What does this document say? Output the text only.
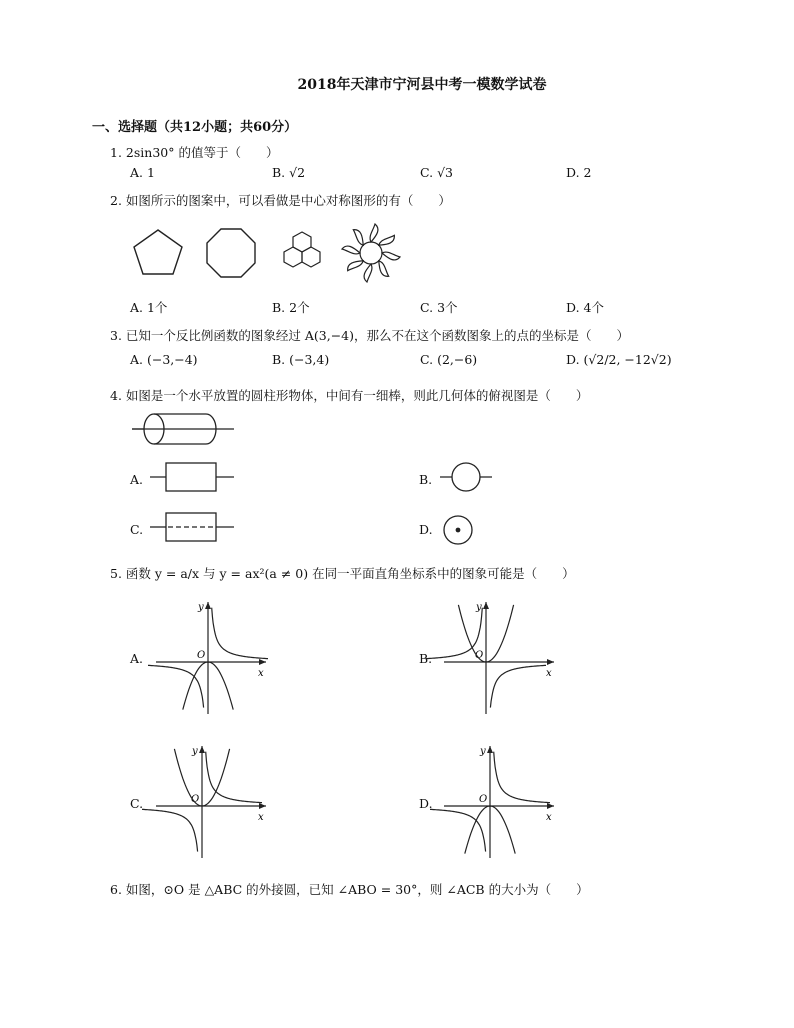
2018年天津市宁河县中考一模数学试卷
一、选择题（共12小题；共60分）
1. 2sin30° 的值等于（　　）
A. 1	B. √2	C. √3	D. 2
2. 如图所示的图案中，可以看做是中心对称图形的有（　　）
A. 1个	B. 2个	C. 3个	D. 4个
3. 已知一个反比例函数的图象经过 A(3,−4)，那么不在这个函数图象上的点的坐标是（　　）
A. (−3,−4)	B. (−3,4)	C. (2,−6)	D. (√2/2, −12√2)
4. 如图是一个水平放置的圆柱形物体，中间有一细棒，则此几何体的俯视图是（　　）
A.	B.
C.	D.
5. 函数 y = a/x 与 y = ax²(a ≠ 0) 在同一平面直角坐标系中的图象可能是（　　）
A.
x
y
O	B.
x
y
O
C.
x
y
O	D.
x
y
O
6. 如图，⊙O 是 △ABC 的外接圆，已知 ∠ABO = 30°，则 ∠ACB 的大小为（　　）
